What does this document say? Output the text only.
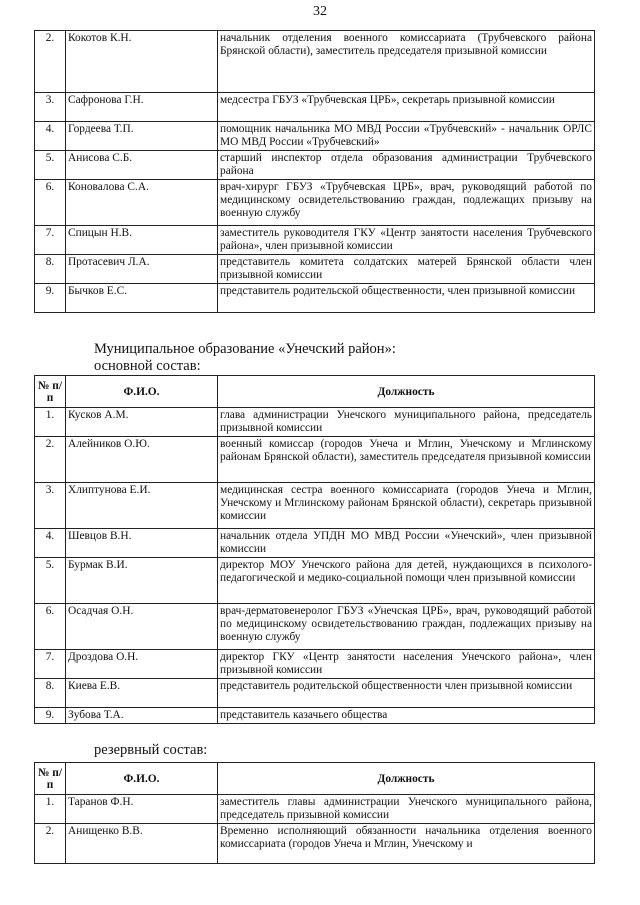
32
2.	Кокотов К.Н.	начальник отделения военного комиссариата (Трубчевского района Брянской области), заместитель председателя призывной комиссии
3.	Сафронова Г.Н.	медсестра ГБУЗ «Трубчевская ЦРБ», секретарь призывной комиссии
4.	Гордеева Т.П.	помощник начальника МО МВД России «Трубчевский» - начальник ОРЛС МО МВД России «Трубчевский»
5.	Анисова С.Б.	старший инспектор отдела образования администрации Трубчевского района
6.	Коновалова С.А.	врач-хирург ГБУЗ «Трубчевская ЦРБ», врач, руководящий работой по медицинскому освидетельствованию граждан, подлежащих призыву на военную службу
7.	Спицын Н.В.	заместитель руководителя ГКУ «Центр занятости населения Трубчевского района», член призывной комиссии
8.	Протасевич Л.А.	представитель комитета солдатских матерей Брянской области член призывной комиссии
9.	Бычков Е.С.	представитель родительской общественности, член призывной комиссии
Муниципальное образование «Унечский район»:
основной состав:
№ п/п	Ф.И.О.	Должность
1.	Кусков А.М.	глава администрации Унечского муниципального района, председатель призывной комиссии
2.	Алейников О.Ю.	военный комиссар (городов Унеча и Мглин, Унечскому и Мглинскому районам Брянской области), заместитель председателя призывной комиссии
3.	Хлиптунова Е.И.	медицинская сестра военного комиссариата (городов Унеча и Мглин, Унечскому и Мглинскому районам Брянской области), секретарь призывной комиссии
4.	Шевцов В.Н.	начальник отдела УПДН МО МВД России «Унечский», член призывной комиссии
5.	Бурмак В.И.	директор МОУ Унечского района для детей, нуждающихся в психолого-педагогической и медико-социальной помощи член призывной комиссии
6.	Осадчая О.Н.	врач-дерматовенеролог ГБУЗ «Унечская ЦРБ», врач, руководящий работой по медицинскому освидетельствованию граждан, подлежащих призыву на военную службу
7.	Дроздова О.Н.	директор ГКУ «Центр занятости населения Унечского района», член призывной комиссии
8.	Киева Е.В.	представитель родительской общественности член призывной комиссии
9.	Зубова Т.А.	представитель казачьего общества
резервный состав:
№ п/п	Ф.И.О.	Должность
1.	Таранов Ф.Н.	заместитель главы администрации Унечского муниципального района, председатель призывной комиссии
2.	Анищенко В.В.	Временно исполняющий обязанности начальника отделения военного комиссариата (городов Унеча и Мглин, Унечскому и
